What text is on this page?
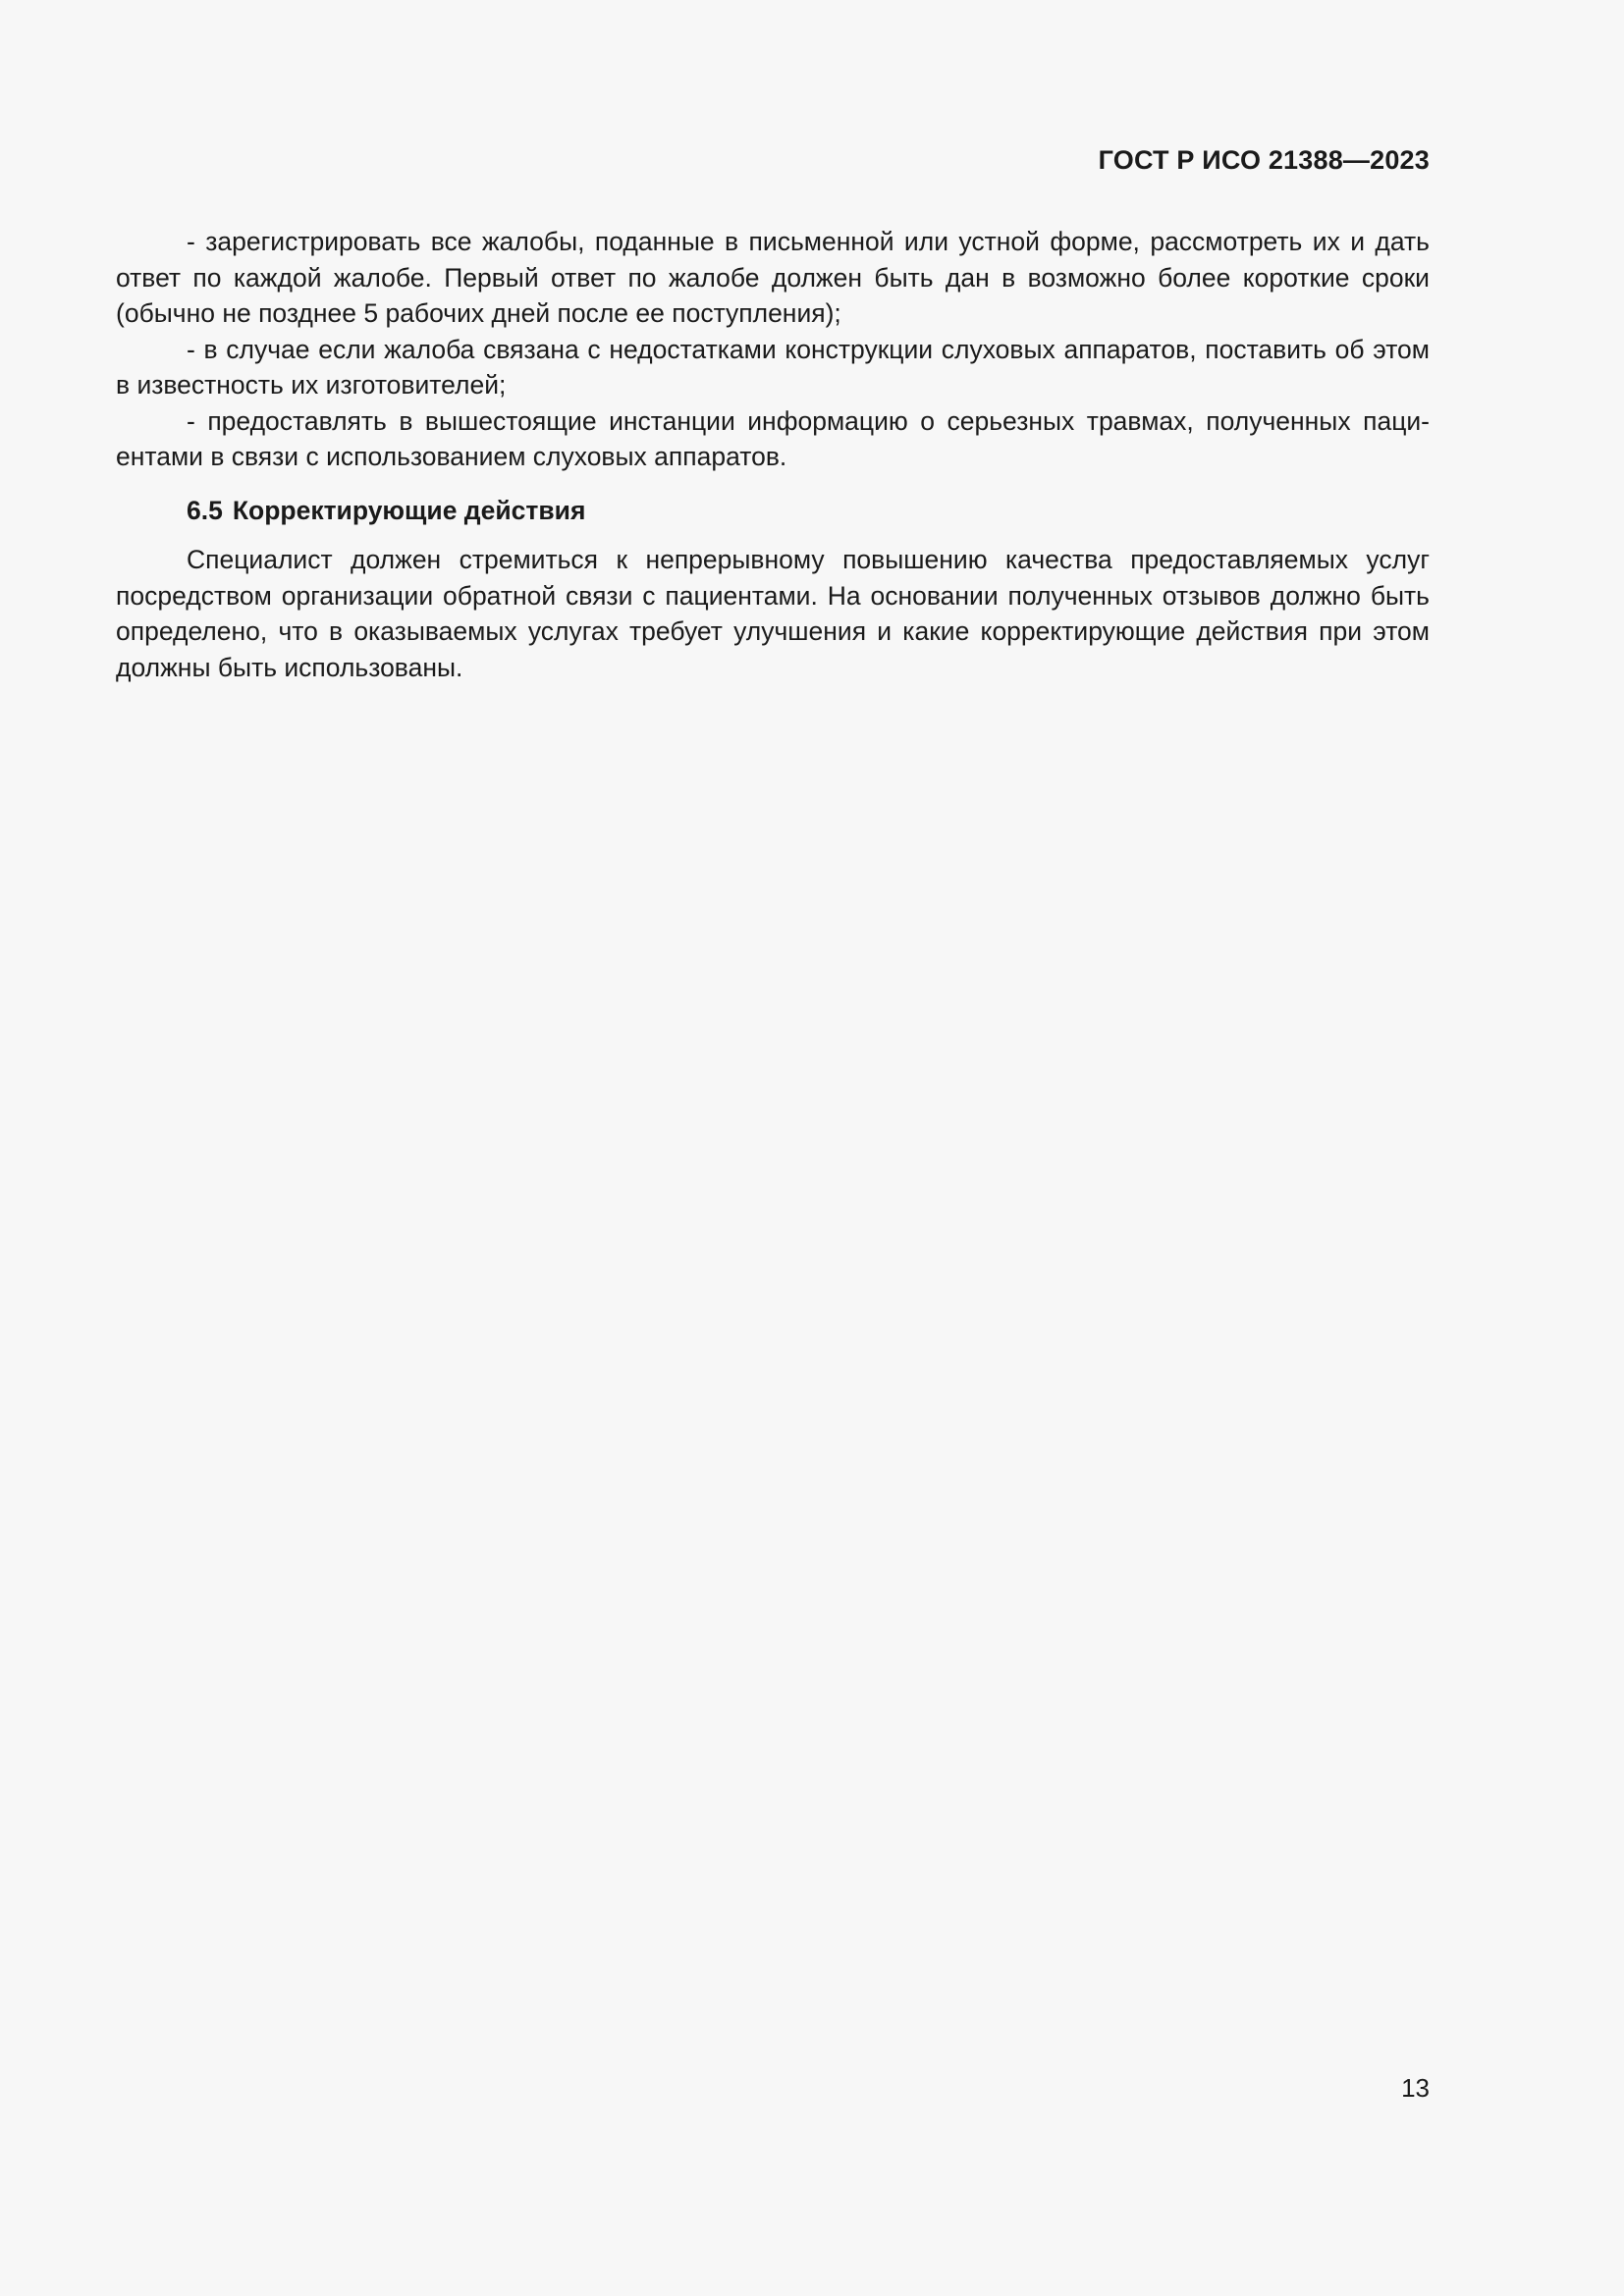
ГОСТ Р ИСО 21388—2023

- зарегистрировать все жалобы, поданные в письменной или устной форме, рассмотреть их и дать ответ по каждой жалобе. Первый ответ по жалобе должен быть дан в возможно более короткие сроки (обычно не позднее 5 рабочих дней после ее поступления);

- в случае если жалоба связана с недостатками конструкции слуховых аппаратов, поставить об этом в известность их изготовителей;

- предоставлять в вышестоящие инстанции информацию о серьезных травмах, полученных пациентами в связи с использованием слуховых аппаратов.

6.5 Корректирующие действия

Специалист должен стремиться к непрерывному повышению качества предоставляемых услуг посредством организации обратной связи с пациентами. На основании полученных отзывов должно быть определено, что в оказываемых услугах требует улучшения и какие корректирующие действия при этом должны быть использованы.

13
